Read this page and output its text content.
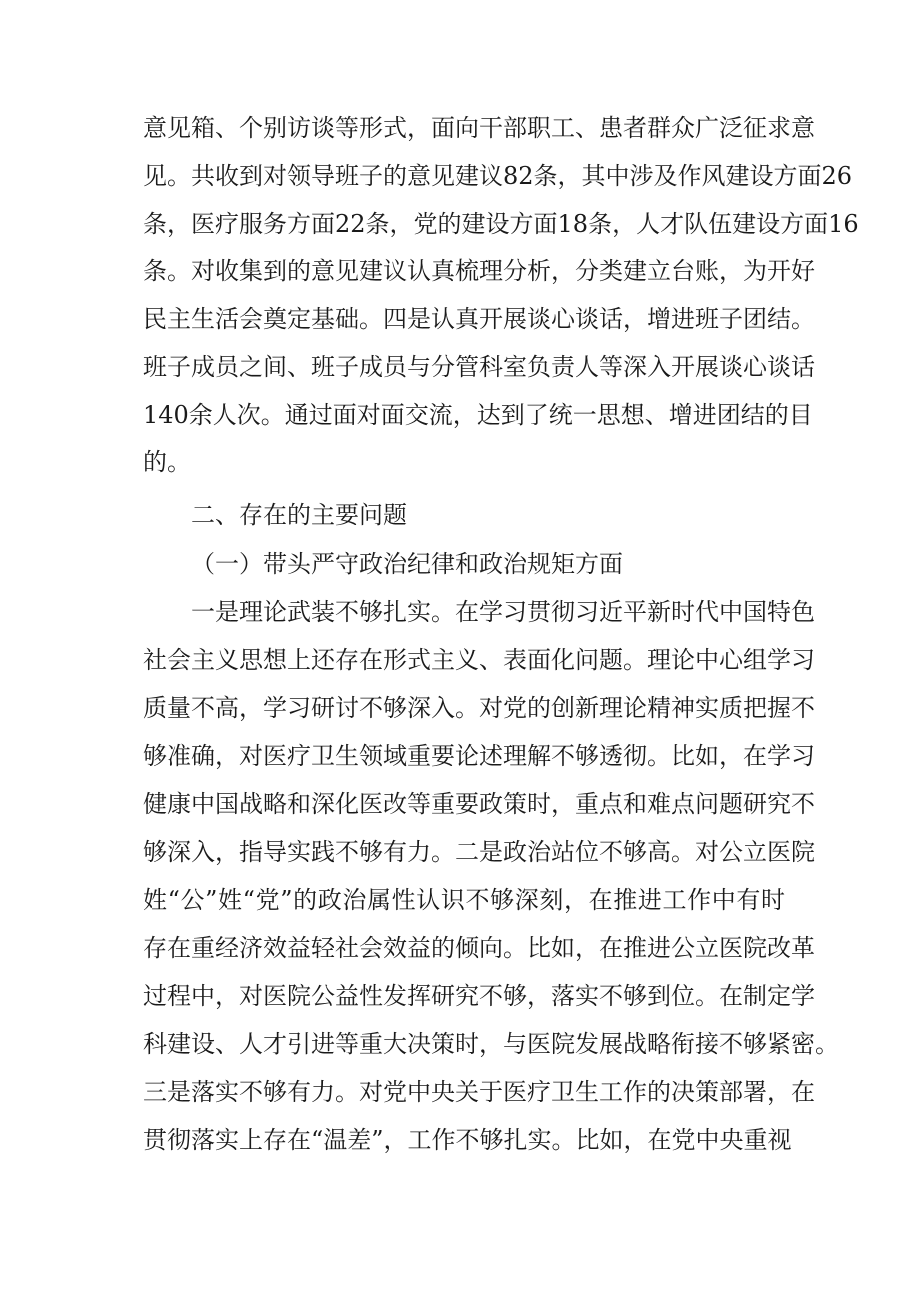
意见箱、个别访谈等形式，面向干部职工、患者群众广泛征求意
见。共收到对领导班子的意见建议82条，其中涉及作风建设方面26
条，医疗服务方面22条，党的建设方面18条，人才队伍建设方面16
条。对收集到的意见建议认真梳理分析，分类建立台账，为开好
民主生活会奠定基础。四是认真开展谈心谈话，增进班子团结。
班子成员之间、班子成员与分管科室负责人等深入开展谈心谈话
140余人次。通过面对面交流，达到了统一思想、增进团结的目
的。
二、存在的主要问题
（一）带头严守政治纪律和政治规矩方面
一是理论武装不够扎实。在学习贯彻习近平新时代中国特色
社会主义思想上还存在形式主义、表面化问题。理论中心组学习
质量不高，学习研讨不够深入。对党的创新理论精神实质把握不
够准确，对医疗卫生领域重要论述理解不够透彻。比如，在学习
健康中国战略和深化医改等重要政策时，重点和难点问题研究不
够深入，指导实践不够有力。二是政治站位不够高。对公立医院
姓“公”姓“党”的政治属性认识不够深刻，在推进工作中有时
存在重经济效益轻社会效益的倾向。比如，在推进公立医院改革
过程中，对医院公益性发挥研究不够，落实不够到位。在制定学
科建设、人才引进等重大决策时，与医院发展战略衔接不够紧密。
三是落实不够有力。对党中央关于医疗卫生工作的决策部署，在
贯彻落实上存在“温差”，工作不够扎实。比如，在党中央重视
